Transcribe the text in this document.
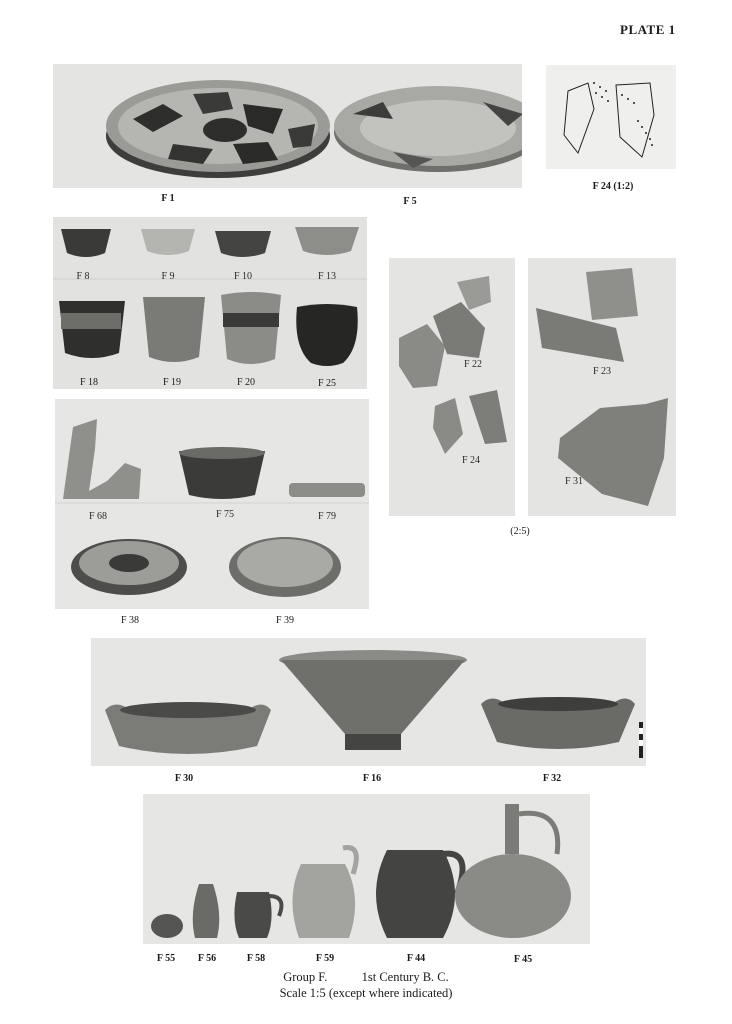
PLATE 1
F 1	F 5
F 24 (1:2)
F 8	F 9	F 10	F 13
F 18	F 19	F 20	F 25
F 68	F 75	F 79
F 38	F 39
F 22
F 24
F 23
F 31
(2:5)
F 30	F 16	F 32
F 55 F 56	F 58	F 59	F 44	F 45
Group F.	1st Century B. C.
Scale 1:5 (except where indicated)
